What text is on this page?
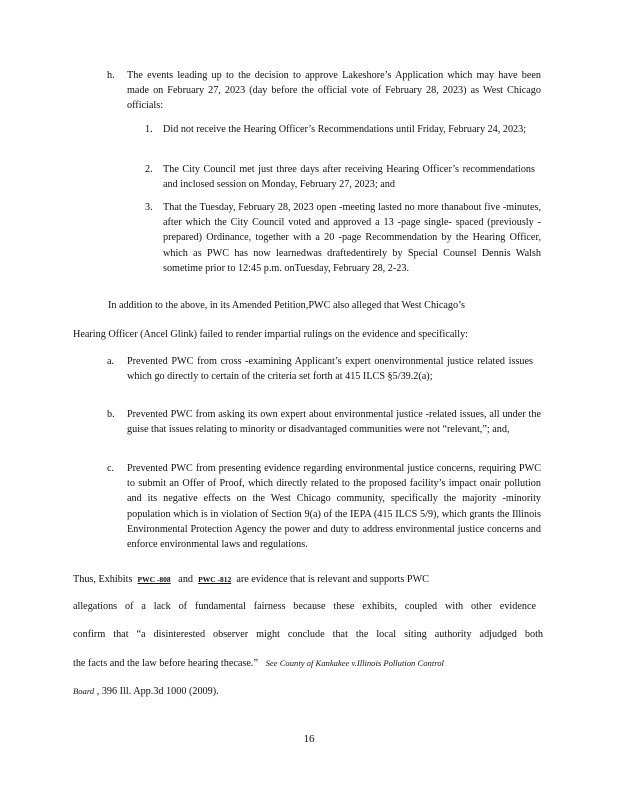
h. The events leading up to the decision to approve Lakeshore’s Application which may have been made on February 27, 2023 (day before the official vote of February 28, 2023) as West Chicago officials:

1. Did not receive the Hearing Officer’s Recommendations until Friday, February 24, 2023;

2. The City Council met just three days after receiving Hearing Officer’s recommendations and inclosed session on Monday, February 27, 2023; and

3. That the Tuesday, February 28, 2023 open -meeting lasted no more thanabout five -minutes, after which the City Council voted and approved a 13 -page single- spaced (previously -prepared) Ordinance, together with a 20 -page Recommendation by the Hearing Officer, which as PWC has now learnedwas draftedentirely by Special Counsel Dennis Walsh sometime prior to 12:45 p.m. onTuesday, February 28, 2-23.

In addition to the above, in its Amended Petition,PWC also alleged that West Chicago’s
Hearing Officer (Ancel Glink) failed to render impartial rulings on the evidence and specifically:
a. Prevented PWC from cross -examining Applicant’s expert onenvironmental justice related issues which go directly to certain of the criteria set forth at 415 ILCS §5/39.2(a);

b. Prevented PWC from asking its own expert about environmental justice -related issues, all under the guise that issues relating to minority or disadvantaged communities were not “relevant,”; and,

c. Prevented PWC from presenting evidence regarding environmental justice concerns, requiring PWC to submit an Offer of Proof, which directly related to the proposed facility’s impact onair pollution and its negative effects on the West Chicago community, specifically the majority -minority population which is in violation of Section 9(a) of the IEPA (415 ILCS 5/9), which grants the Illinois Environmental Protection Agency the power and duty to address environmental justice concerns and enforce environmental laws and regulations.

Thus, Exhibits PWC -808 and PWC -812 are evidence that is relevant and supports PWC
allegations of a lack of fundamental fairness because these exhibits, coupled with other evidence
confirm that “a disinterested observer might conclude that the local siting authority adjudged both
the facts and the law before hearing thecase.” See County of Kankakee v.Illinois Pollution Control
Board , 396 Ill. App.3d 1000 (2009).
16
